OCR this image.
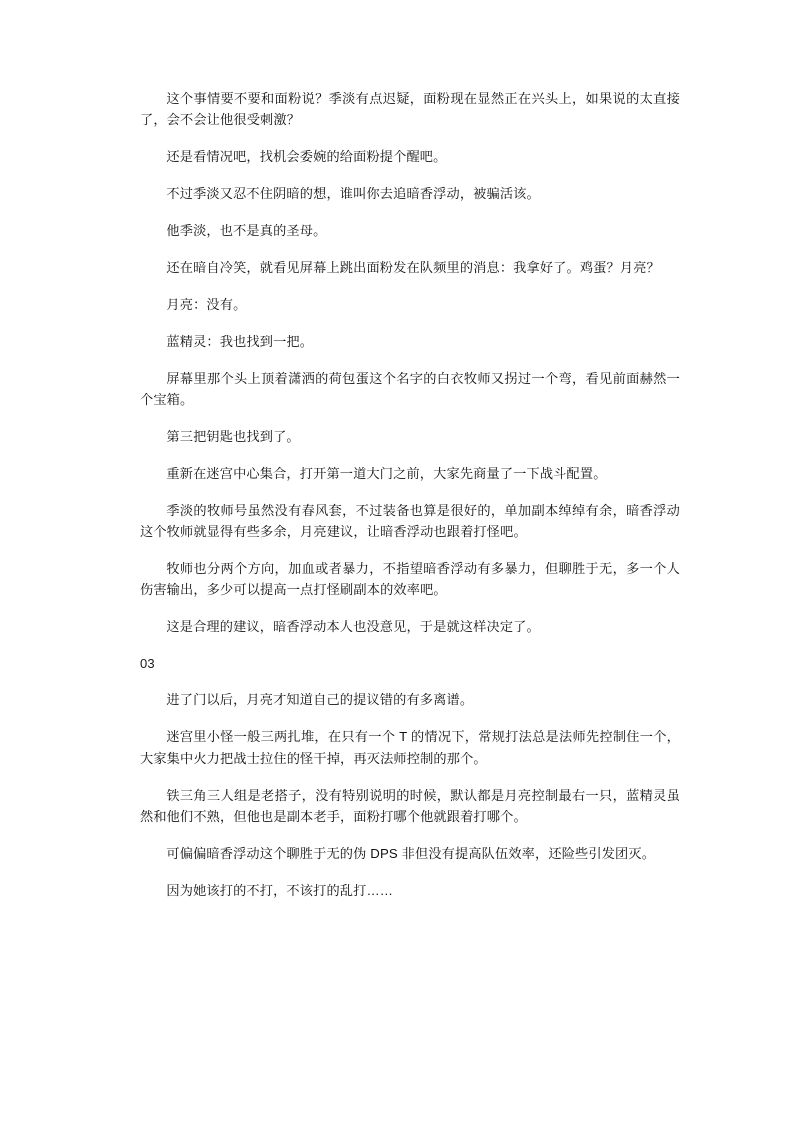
这个事情要不要和面粉说？季淡有点迟疑，面粉现在显然正在兴头上，如果说的太直接了，会不会让他很受刺激？

还是看情况吧，找机会委婉的给面粉提个醒吧。

不过季淡又忍不住阴暗的想，谁叫你去追暗香浮动，被骗活该。

他季淡，也不是真的圣母。

还在暗自冷笑，就看见屏幕上跳出面粉发在队频里的消息：我拿好了。鸡蛋？月亮？

月亮：没有。

蓝精灵：我也找到一把。

屏幕里那个头上顶着潇洒的荷包蛋这个名字的白衣牧师又拐过一个弯，看见前面赫然一个宝箱。

第三把钥匙也找到了。

重新在迷宫中心集合，打开第一道大门之前，大家先商量了一下战斗配置。

季淡的牧师号虽然没有春风套，不过装备也算是很好的，单加副本绰绰有余，暗香浮动这个牧师就显得有些多余，月亮建议，让暗香浮动也跟着打怪吧。

牧师也分两个方向，加血或者暴力，不指望暗香浮动有多暴力，但聊胜于无，多一个人伤害输出，多少可以提高一点打怪刷副本的效率吧。

这是合理的建议，暗香浮动本人也没意见，于是就这样决定了。

03

进了门以后，月亮才知道自己的提议错的有多离谱。

迷宫里小怪一般三两扎堆，在只有一个 T 的情况下，常规打法总是法师先控制住一个，大家集中火力把战士拉住的怪干掉，再灭法师控制的那个。

铁三角三人组是老搭子，没有特别说明的时候，默认都是月亮控制最右一只，蓝精灵虽然和他们不熟，但他也是副本老手，面粉打哪个他就跟着打哪个。

可偏偏暗香浮动这个聊胜于无的伪 DPS 非但没有提高队伍效率，还险些引发团灭。

因为她该打的不打，不该打的乱打……
